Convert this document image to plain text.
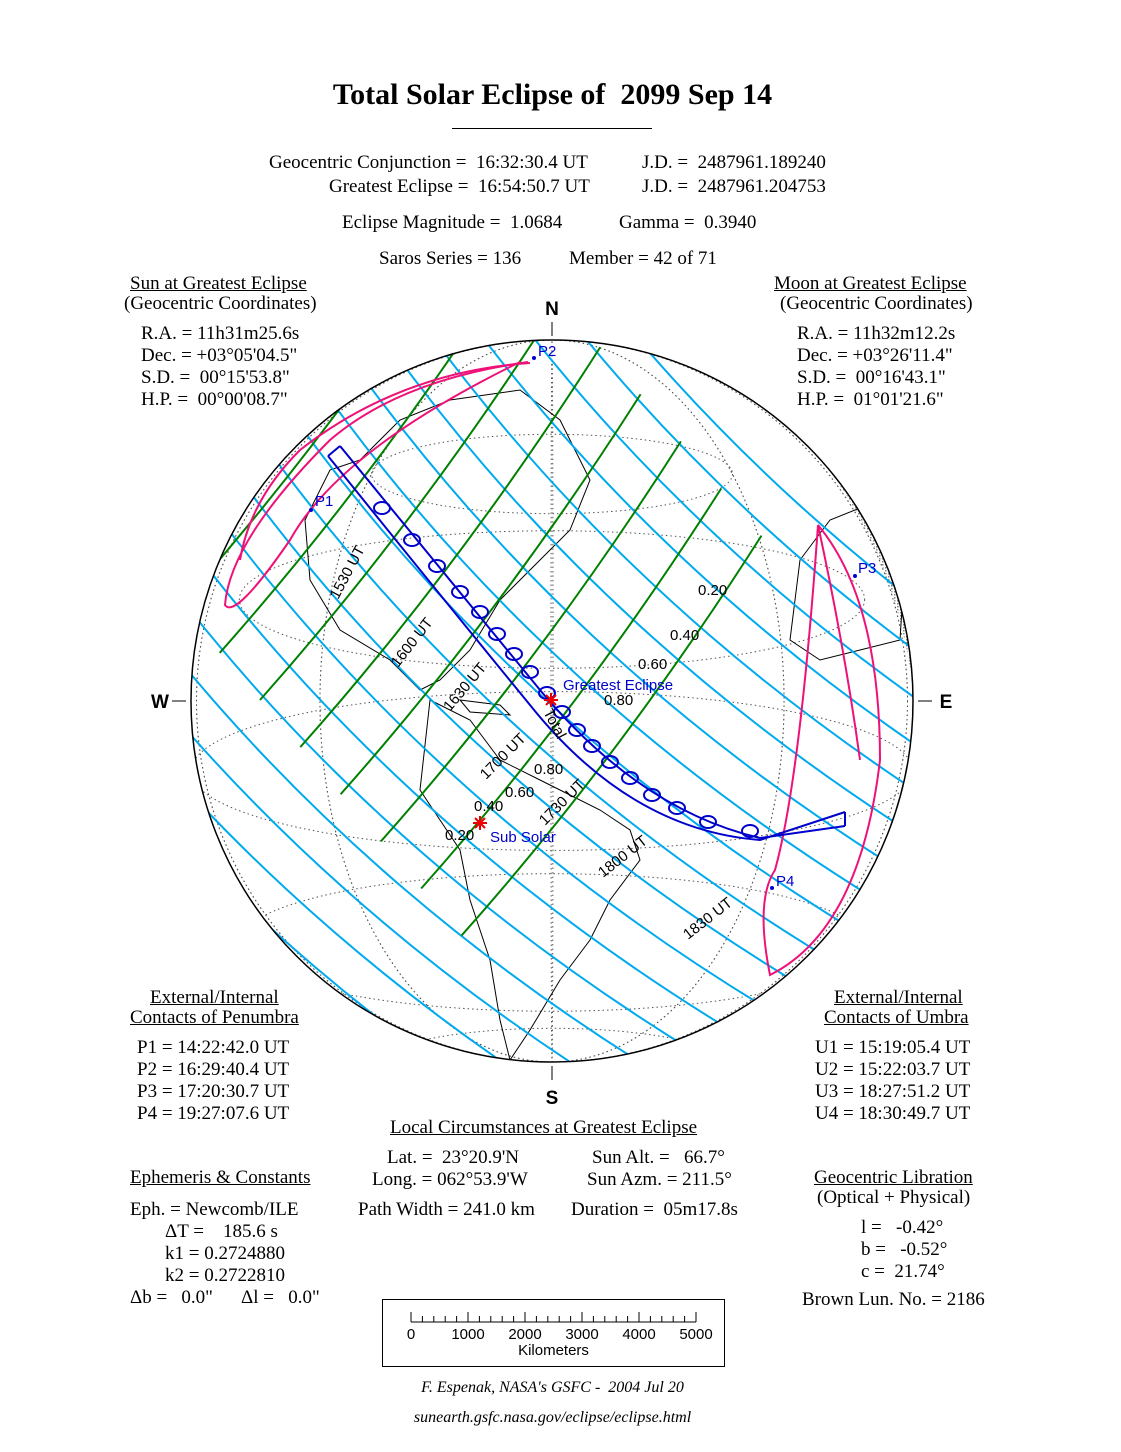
Total Solar Eclipse of  2099 Sep 14
Geocentric Conjunction =  16:32:30.4 UT	J.D. =  2487961.189240
Greatest Eclipse =  16:54:50.7 UT	J.D. =  2487961.204753
Eclipse Magnitude =  1.0684	Gamma =  0.3940
Saros Series = 136	Member = 42 of 71
Sun at Greatest Eclipse
(Geocentric Coordinates)
R.A. = 11h31m25.6s
Dec. = +03°05'04.5"
S.D. =  00°15'53.8"
H.P. =  00°00'08.7"
Moon at Greatest Eclipse
(Geocentric Coordinates)
R.A. = 11h32m12.2s
Dec. = +03°26'11.4"
S.D. =  00°16'43.1"
H.P. =  01°01'21.6"
N
S
W	E
P2
P1
P3
P4
Greatest Eclipse
Sub Solar
Total
1530 UT
1600 UT
1630 UT
1700 UT
1730 UT
1800 UT
1830 UT
0.20
0.40
0.60
0.80
0.80
0.60
0.40
0.20
External/Internal
Contacts of Penumbra
P1 = 14:22:42.0 UT
P2 = 16:29:40.4 UT
P3 = 17:20:30.7 UT
P4 = 19:27:07.6 UT
External/Internal
Contacts of Umbra
U1 = 15:19:05.4 UT
U2 = 15:22:03.7 UT
U3 = 18:27:51.2 UT
U4 = 18:30:49.7 UT
Local Circumstances at Greatest Eclipse
Lat. =  23°20.9'N
Long. = 062°53.9'W
Sun Alt. =   66.7°
Sun Azm. = 211.5°
Path Width = 241.0 km Duration =  05m17.8s
Ephemeris & Constants
Eph. = Newcomb/ILE
ΔT =    185.6 s
k1 = 0.2724880
k2 = 0.2722810
Δb =   0.0" Δl =   0.0"
Geocentric Libration
(Optical + Physical)
l =   -0.42°
b =   -0.52°
c =  21.74°
Brown Lun. No. = 2186
0	1000	2000	3000	4000	5000
Kilometers
F. Espenak, NASA's GSFC -  2004 Jul 20
sunearth.gsfc.nasa.gov/eclipse/eclipse.html
